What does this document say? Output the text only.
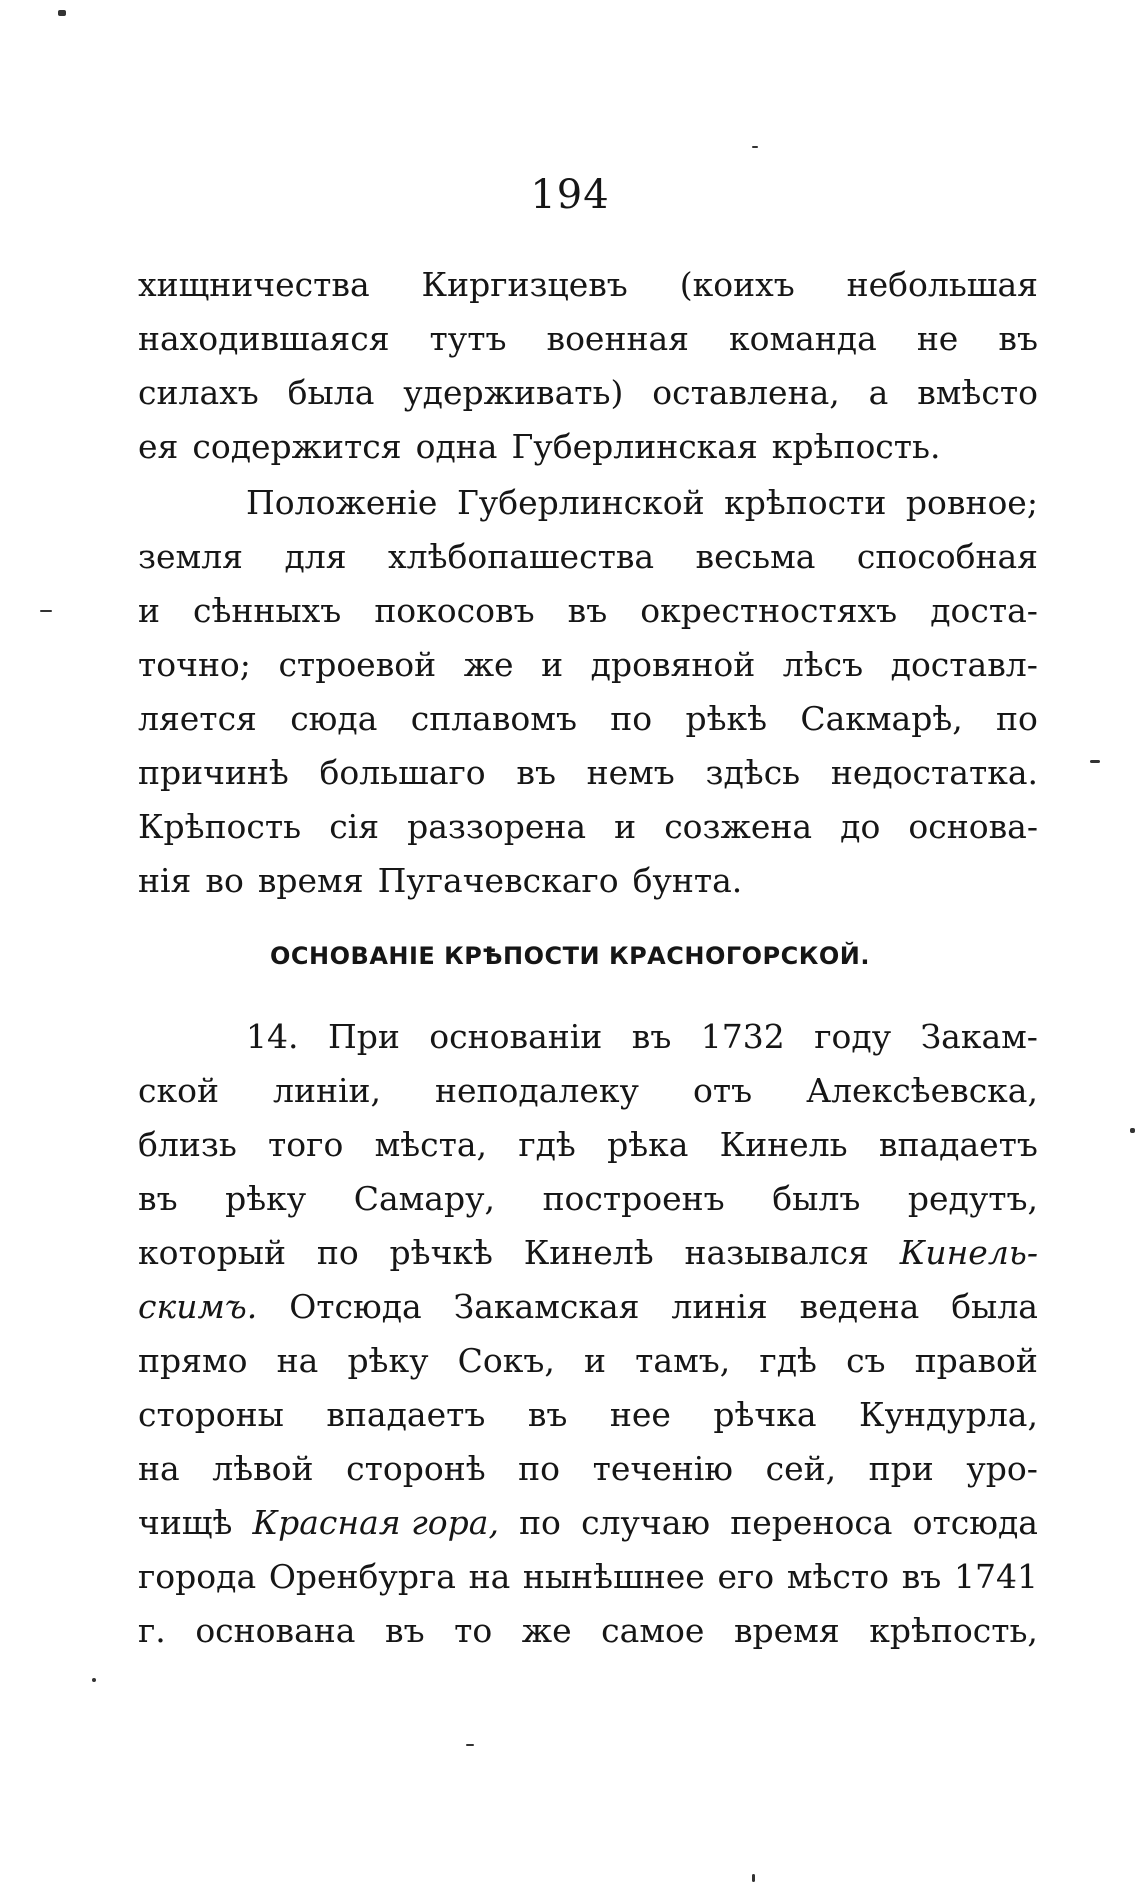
194
хищничества Киргизцевъ (коихъ небольшая
находившаяся тутъ военная команда не въ
силахъ была удерживать) оставлена, а вмѣсто
ея содержится одна Губерлинская крѣпость.
Положеніе Губерлинской крѣпости ровное;
земля для хлѣбопашества весьма способная
и сѣнныхъ покосовъ въ окрестностяхъ доста-
точно; строевой же и дровяной лѣсъ доставл-
ляется сюда сплавомъ по рѣкѣ Сакмарѣ, по
причинѣ большаго въ немъ здѣсь недостатка.
Крѣпость сія раззорена и созжена до основа-
нія во время Пугачевскаго бунта.
ОСНОВАНІЕ КРѢПОСТИ КРАСНОГОРСКОЙ.
14. При основаніи въ 1732 году Закам-
ской линіи, неподалеку отъ Алексѣевска,
близь того мѣста, гдѣ рѣка Кинель впадаетъ
въ рѣку Самару, построенъ былъ редутъ,
который по рѣчкѣ Кинелѣ назывался Кинель-
скимъ. Отсюда Закамская линія ведена была
прямо на рѣку Сокъ, и тамъ, гдѣ съ правой
стороны впадаетъ въ нее рѣчка Кундурла,
на лѣвой сторонѣ по теченію сей, при уро-
чищѣ Красная гора, по случаю переноса отсюда
города Оренбурга на нынѣшнее его мѣсто въ 1741
г. основана въ то же самое время крѣпость,
